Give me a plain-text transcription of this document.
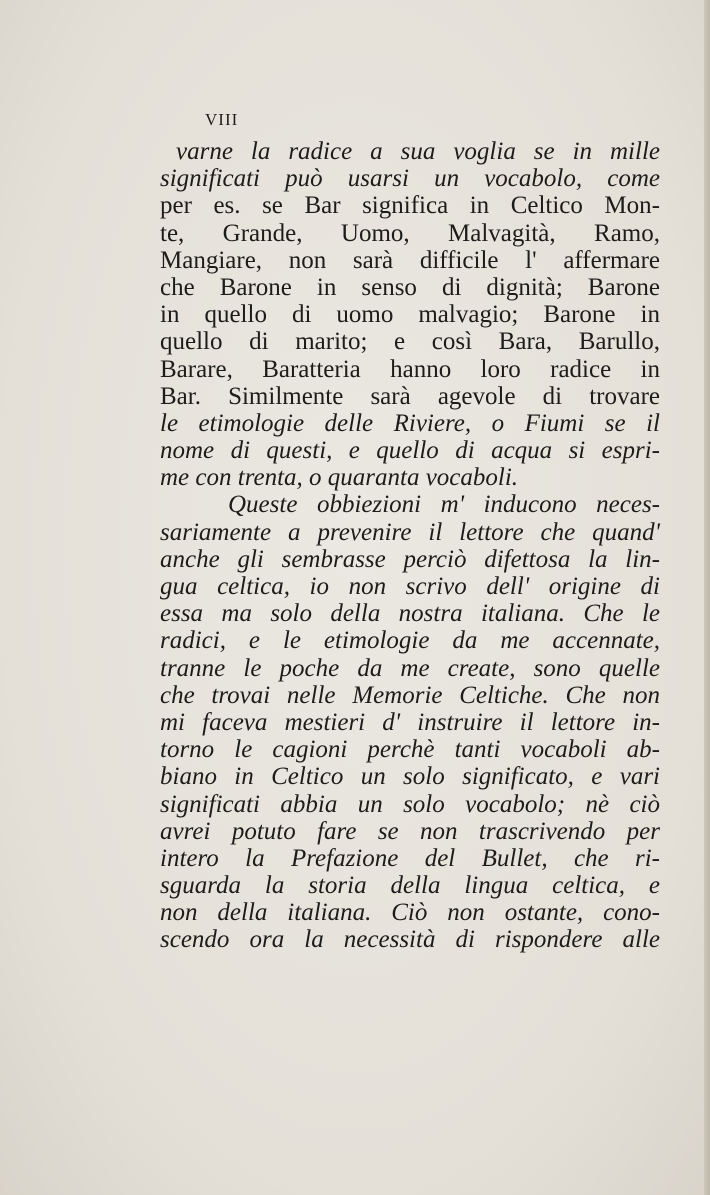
VIII
varne la radice a sua voglia se in mille
significati può usarsi un vocabolo, come
per es. se Bar significa in Celtico Mon-
te, Grande, Uomo, Malvagità, Ramo,
Mangiare, non sarà difficile l' affermare
che Barone in senso di dignità; Barone
in quello di uomo malvagio; Barone in
quello di marito; e così Bara, Barullo,
Barare, Baratteria hanno loro radice in
Bar. Similmente sarà agevole di trovare
le etimologie delle Riviere, o Fiumi se il
nome di questi, e quello di acqua si espri-
me con trenta, o quaranta vocaboli.
Queste obbiezioni m' inducono neces-
sariamente a prevenire il lettore che quand'
anche gli sembrasse perciò difettosa la lin-
gua celtica, io non scrivo dell' origine di
essa ma solo della nostra italiana. Che le
radici, e le etimologie da me accennate,
tranne le poche da me create, sono quelle
che trovai nelle Memorie Celtiche. Che non
mi faceva mestieri d' instruire il lettore in-
torno le cagioni perchè tanti vocaboli ab-
biano in Celtico un solo significato, e vari
significati abbia un solo vocabolo; nè ciò
avrei potuto fare se non trascrivendo per
intero la Prefazione del Bullet, che ri-
sguarda la storia della lingua celtica, e
non della italiana. Ciò non ostante, cono-
scendo ora la necessità di rispondere alle
